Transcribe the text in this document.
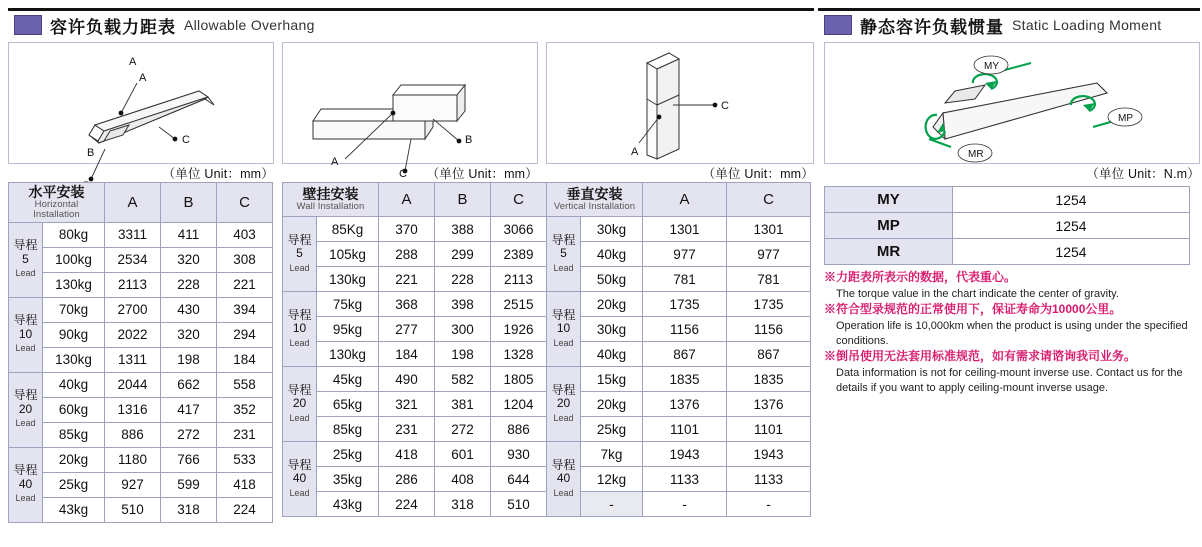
容许负载力距表 Allowable Overhang	静态容许负载惯量 Static Loading Moment
A
B
C
A
（单位 Unit：mm）
A
B
C	（单位 Unit：mm）
A
C
（单位 Unit：mm）
MY
MP
MR
（单位 Unit：N.m）
水平安装
Horizontal Installation		A	B	C
导程
5
Lead	80kg	3311	411	403
	100kg	2534	320	308
	130kg	2113	228	221
导程
10
Lead	70kg	2700	430	394
	90kg	2022	320	294
	130kg	1311	198	184
导程
20
Lead	40kg	2044	662	558
	60kg	1316	417	352
	85kg	886	272	231
导程
40
Lead	20kg	1180	766	533
	25kg	927	599	418
	43kg	510	318	224
壁挂安装
Wall Installation		A	B	C
导程
5
Lead	85Kg	370	388	3066
	105kg	288	299	2389
	130kg	221	228	2113
导程
10
Lead	75kg	368	398	2515
	95kg	277	300	1926
	130kg	184	198	1328
导程
20
Lead	45kg	490	582	1805
	65kg	321	381	1204
	85kg	231	272	886
导程
40
Lead	25kg	418	601	930
	35kg	286	408	644
	43kg	224	318	510
垂直安装
Vertical Installation		A	C
导程
5
Lead	30kg	1301	1301
	40kg	977	977
	50kg	781	781
导程
10
Lead	20kg	1735	1735
	30kg	1156	1156
	40kg	867	867
导程
20
Lead	15kg	1835	1835
	20kg	1376	1376
	25kg	1101	1101
导程
40
Lead	7kg	1943	1943
	12kg	1133	1133
	-	-	-
MY	1254
MP	1254
MR	1254

※力距表所表示的数据，代表重心。

The torque value in the chart indicate the center of gravity.

※符合型录规范的正常使用下，保证寿命为10000公里。

Operation life is 10,000km when the product is using under the specified conditions.

※倒吊使用无法套用标准规范，如有需求请谘询我司业务。

Data information is not for ceiling-mount inverse use. Contact us for the details if you want to apply ceiling-mount inverse usage.
